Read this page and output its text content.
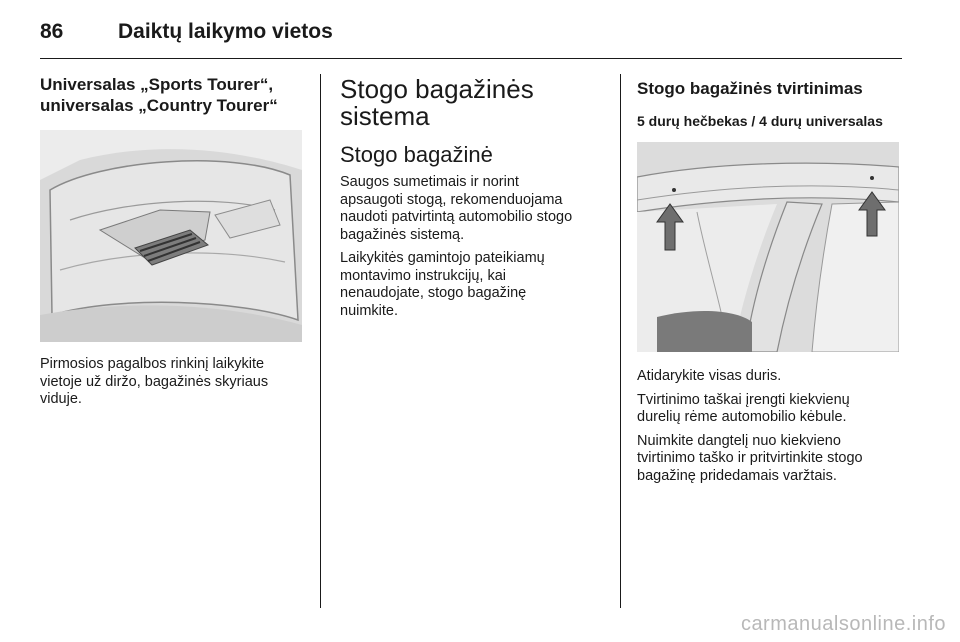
86	Daiktų laikymo vietos

Universalas „Sports Tourer“,
universalas „Country Tourer“

Pirmosios pagalbos rinkinį laikykite
vietoje už diržo, bagažinės skyriaus
viduje.

Stogo bagažinės
sistema

Stogo bagažinė

Saugos sumetimais ir norint
apsaugoti stogą, rekomenduojama
naudoti patvirtintą automobilio stogo
bagažinės sistemą.

Laikykitės gamintojo pateikiamų
montavimo instrukcijų, kai
nenaudojate, stogo bagažinę
nuimkite.

Stogo bagažinės tvirtinimas

5 durų hečbekas / 4 durų universalas

Atidarykite visas duris.

Tvirtinimo taškai įrengti kiekvienų
durelių rėme automobilio kėbule.

Nuimkite dangtelį nuo kiekvieno
tvirtinimo taško ir pritvirtinkite stogo
bagažinę pridedamais varžtais.

carmanualsonline.info
